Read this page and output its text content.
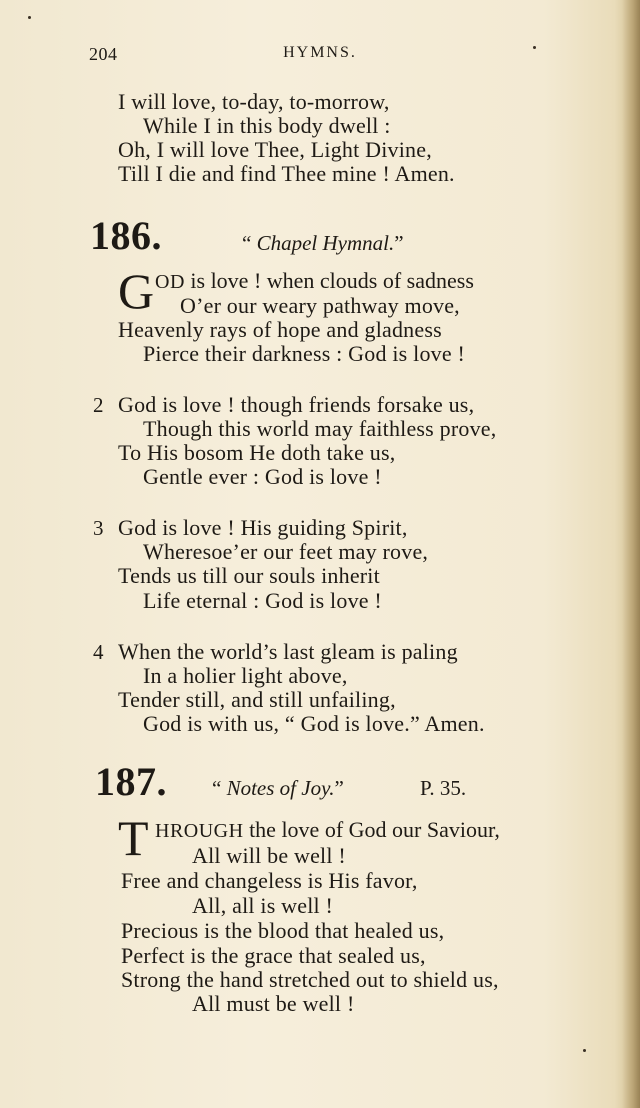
204	HYMNS.
I will love, to-day, to-morrow,
While I in this body dwell :
Oh, I will love Thee, Light Divine,
Till I die and find Thee mine ! Amen.
186.	“ Chapel Hymnal.”
G OD is love ! when clouds of sadness
O’er our weary pathway move,
Heavenly rays of hope and gladness
Pierce their darkness : God is love !
2 God is love ! though friends forsake us,
Though this world may faithless prove,
To His bosom He doth take us,
Gentle ever : God is love !
3 God is love ! His guiding Spirit,
Wheresoe’er our feet may rove,
Tends us till our souls inherit
Life eternal : God is love !
4 When the world’s last gleam is paling
In a holier light above,
Tender still, and still unfailing,
God is with us, “ God is love.” Amen.
187. “ Notes of Joy.”	P. 35.
T HROUGH the love of God our Saviour,
All will be well !
Free and changeless is His favor,
All, all is well !
Precious is the blood that healed us,
Perfect is the grace that sealed us,
Strong the hand stretched out to shield us,
All must be well !
